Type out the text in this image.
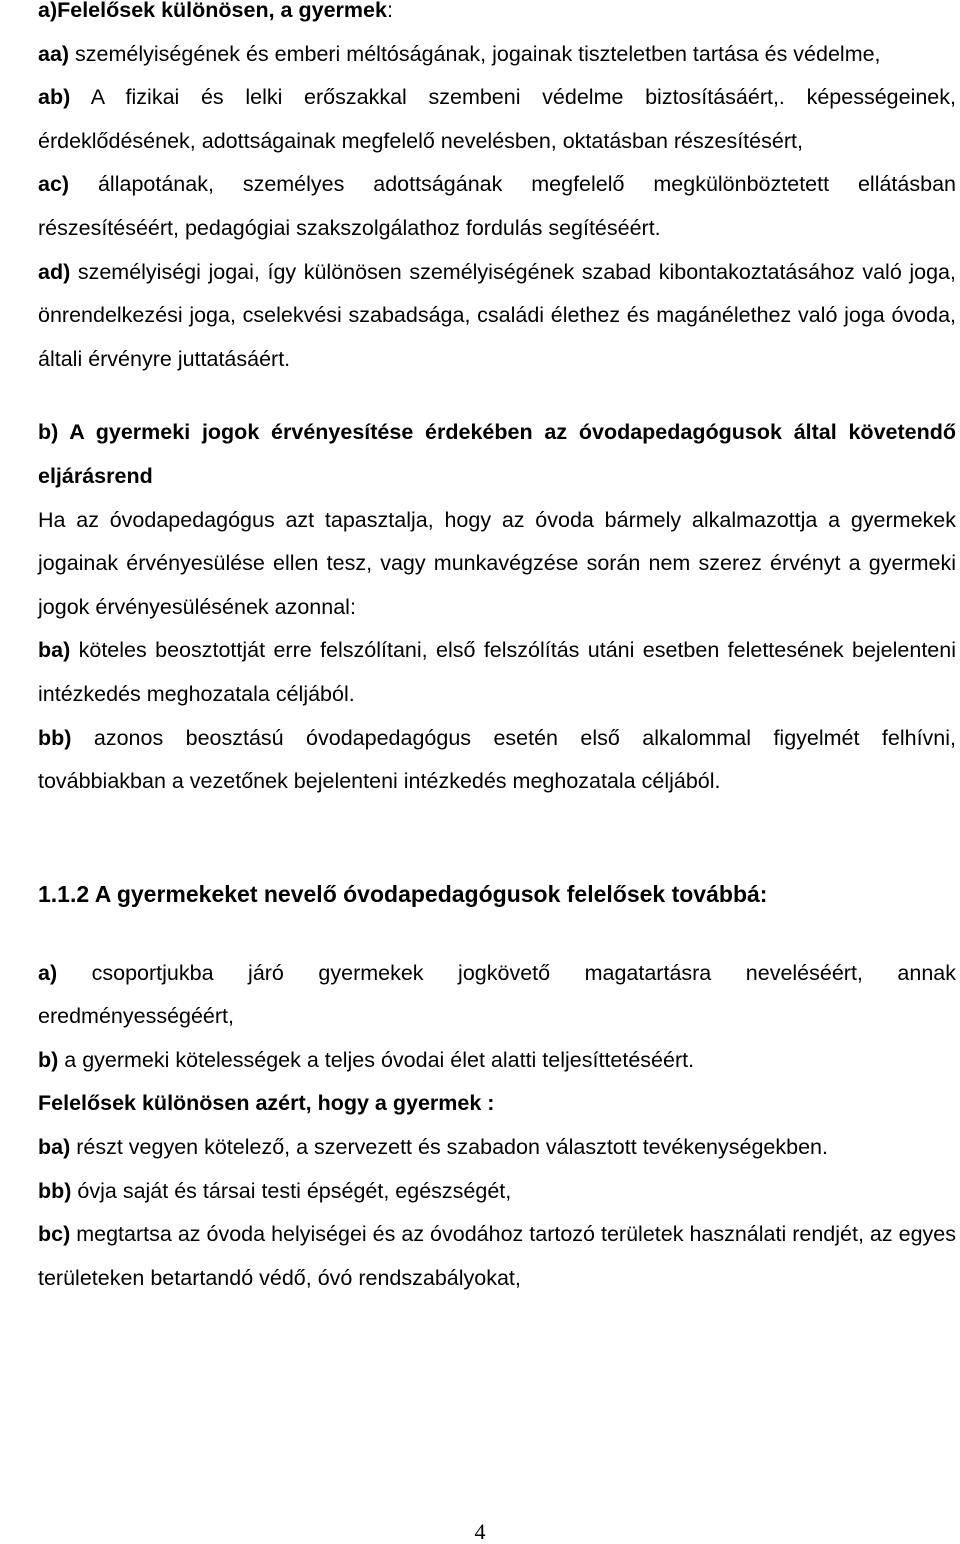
a)Felelősek különösen, a gyermek:

aa) személyiségének és emberi méltóságának, jogainak tiszteletben tartása és védelme,

ab) A fizikai és lelki erőszakkal szembeni védelme biztosításáért,. képességeinek, érdeklődésének, adottságainak megfelelő nevelésben, oktatásban részesítésért,

ac) állapotának, személyes adottságának megfelelő megkülönböztetett ellátásban részesítéséért, pedagógiai szakszolgálathoz fordulás segítéséért.

ad) személyiségi jogai, így különösen személyiségének szabad kibontakoztatásához való joga, önrendelkezési joga, cselekvési szabadsága, családi élethez és magánélethez való joga óvoda, általi érvényre juttatásáért.

b) A gyermeki jogok érvényesítése érdekében az óvodapedagógusok által követendő eljárásrend

Ha az óvodapedagógus azt tapasztalja, hogy az óvoda bármely alkalmazottja a gyermekek jogainak érvényesülése ellen tesz, vagy munkavégzése során nem szerez érvényt a gyermeki jogok érvényesülésének azonnal:

ba) köteles beosztottját erre felszólítani, első felszólítás utáni esetben felettesének bejelenteni intézkedés meghozatala céljából.

bb) azonos beosztású óvodapedagógus esetén első alkalommal figyelmét felhívni, továbbiakban a vezetőnek bejelenteni intézkedés meghozatala céljából.

1.1.2 A gyermekeket nevelő óvodapedagógusok felelősek továbbá:

a) csoportjukba járó gyermekek jogkövető magatartásra neveléséért, annak eredményességéért,

b) a gyermeki kötelességek a teljes óvodai élet alatti teljesíttetéséért.

Felelősek különösen azért, hogy a gyermek :

ba) részt vegyen kötelező, a szervezett és szabadon választott tevékenységekben.

bb) óvja saját és társai testi épségét, egészségét,

bc) megtartsa az óvoda helyiségei és az óvodához tartozó területek használati rendjét, az egyes területeken betartandó védő, óvó rendszabályokat,

4
